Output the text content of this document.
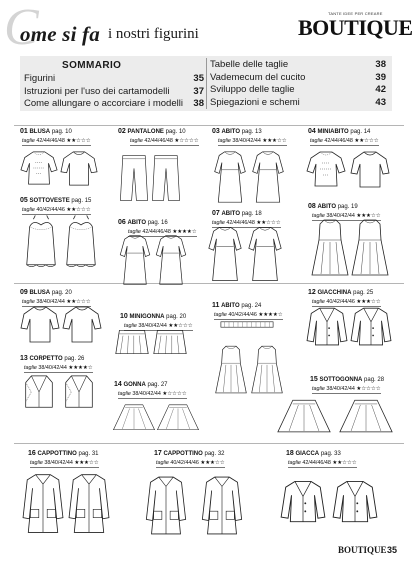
C
ome si fa i nostri figurini
TANTE IDEE PER CREARE
BOUTIQUE
SOMMARIO
Figurini	35
Istruzioni per l'uso dei cartamodelli	37
Come allungare o accorciare i modelli 38
Tabelle delle taglie	38
Vademecum del cucito	39
Sviluppo delle taglie	42
Spiegazioni e schemi	43
01 BLUSA pag. 10
taglie 42/44/46/48 ★★☆☆☆
02 PANTALONE pag. 10
taglie 42/44/46/48 ★☆☆☆☆
03 ABITO pag. 13
taglie 38/40/42/44 ★★★☆☆
04 MINIABITO pag. 14
taglie 42/44/46/48 ★★☆☆☆
05 SOTTOVESTE pag. 15
taglie 40/42/44/46 ★★☆☆☆
06 ABITO pag. 16
taglie 42/44/46/48 ★★★★☆
07 ABITO pag. 18
taglie 42/44/46/48 ★★☆☆☆
08 ABITO pag. 19
taglie 38/40/42/44 ★★★☆☆
09 BLUSA pag. 20
taglie 38/40/42/44 ★★☆☆☆
10 MINIGONNA pag. 20
taglie 38/40/42/44 ★★☆☆☆
11 ABITO pag. 24
taglie 40/42/44/46 ★★★★☆
12 GIACCHINA pag. 25
taglie 40/42/44/46 ★★★☆☆
13 CORPETTO pag. 26
taglie 38/40/42/44 ★★★★☆
14 GONNA pag. 27
taglie 38/40/42/44 ★☆☆☆☆
15 SOTTOGONNA pag. 28
taglie 38/40/42/44 ★☆☆☆☆
16 CAPPOTTINO pag. 31
taglie 38/40/42/44 ★★★☆☆
17 CAPPOTTINO pag. 32
taglie 40/42/44/46 ★★★☆☆
18 GIACCA pag. 33
taglie 42/44/46/48 ★★☆☆☆
BOUTIQUE 35
